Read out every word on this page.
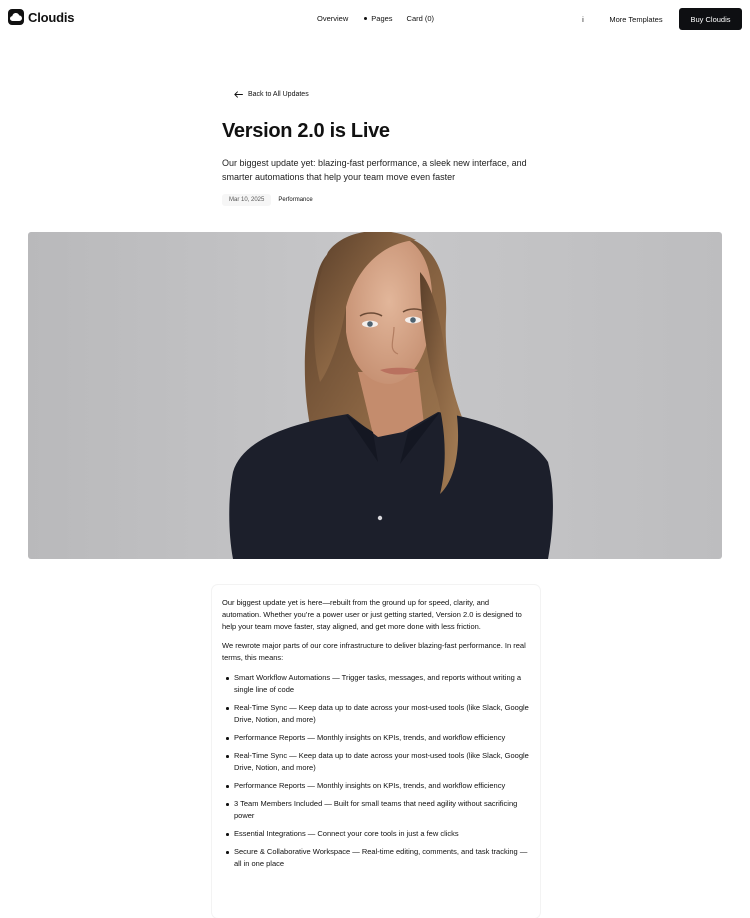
Cloudis	Overview	Pages Card (0)	i	More Templates	Buy Cloudis
Back to All Updates
Version 2.0 is Live

Our biggest update yet: blazing-fast performance, a sleek new interface, and smarter automations that help your team move even faster

Mar 10, 2025	Performance

Our biggest update yet is here—rebuilt from the ground up for speed, clarity, and automation. Whether you’re a power user or just getting started, Version 2.0 is designed to help your team move faster, stay aligned, and get more done with less friction.

We rewrote major parts of our core infrastructure to deliver blazing-fast performance. In real terms, this means:

Smart Workflow Automations — Trigger tasks, messages, and reports without writing a single line of code
Real-Time Sync — Keep data up to date across your most-used tools (like Slack, Google Drive, Notion, and more)
Performance Reports — Monthly insights on KPIs, trends, and workflow efficiency
Real-Time Sync — Keep data up to date across your most-used tools (like Slack, Google Drive, Notion, and more)
Performance Reports — Monthly insights on KPIs, trends, and workflow efficiency
3 Team Members Included — Built for small teams that need agility without sacrificing power
Essential Integrations — Connect your core tools in just a few clicks
Secure & Collaborative Workspace — Real-time editing, comments, and task tracking — all in one place
